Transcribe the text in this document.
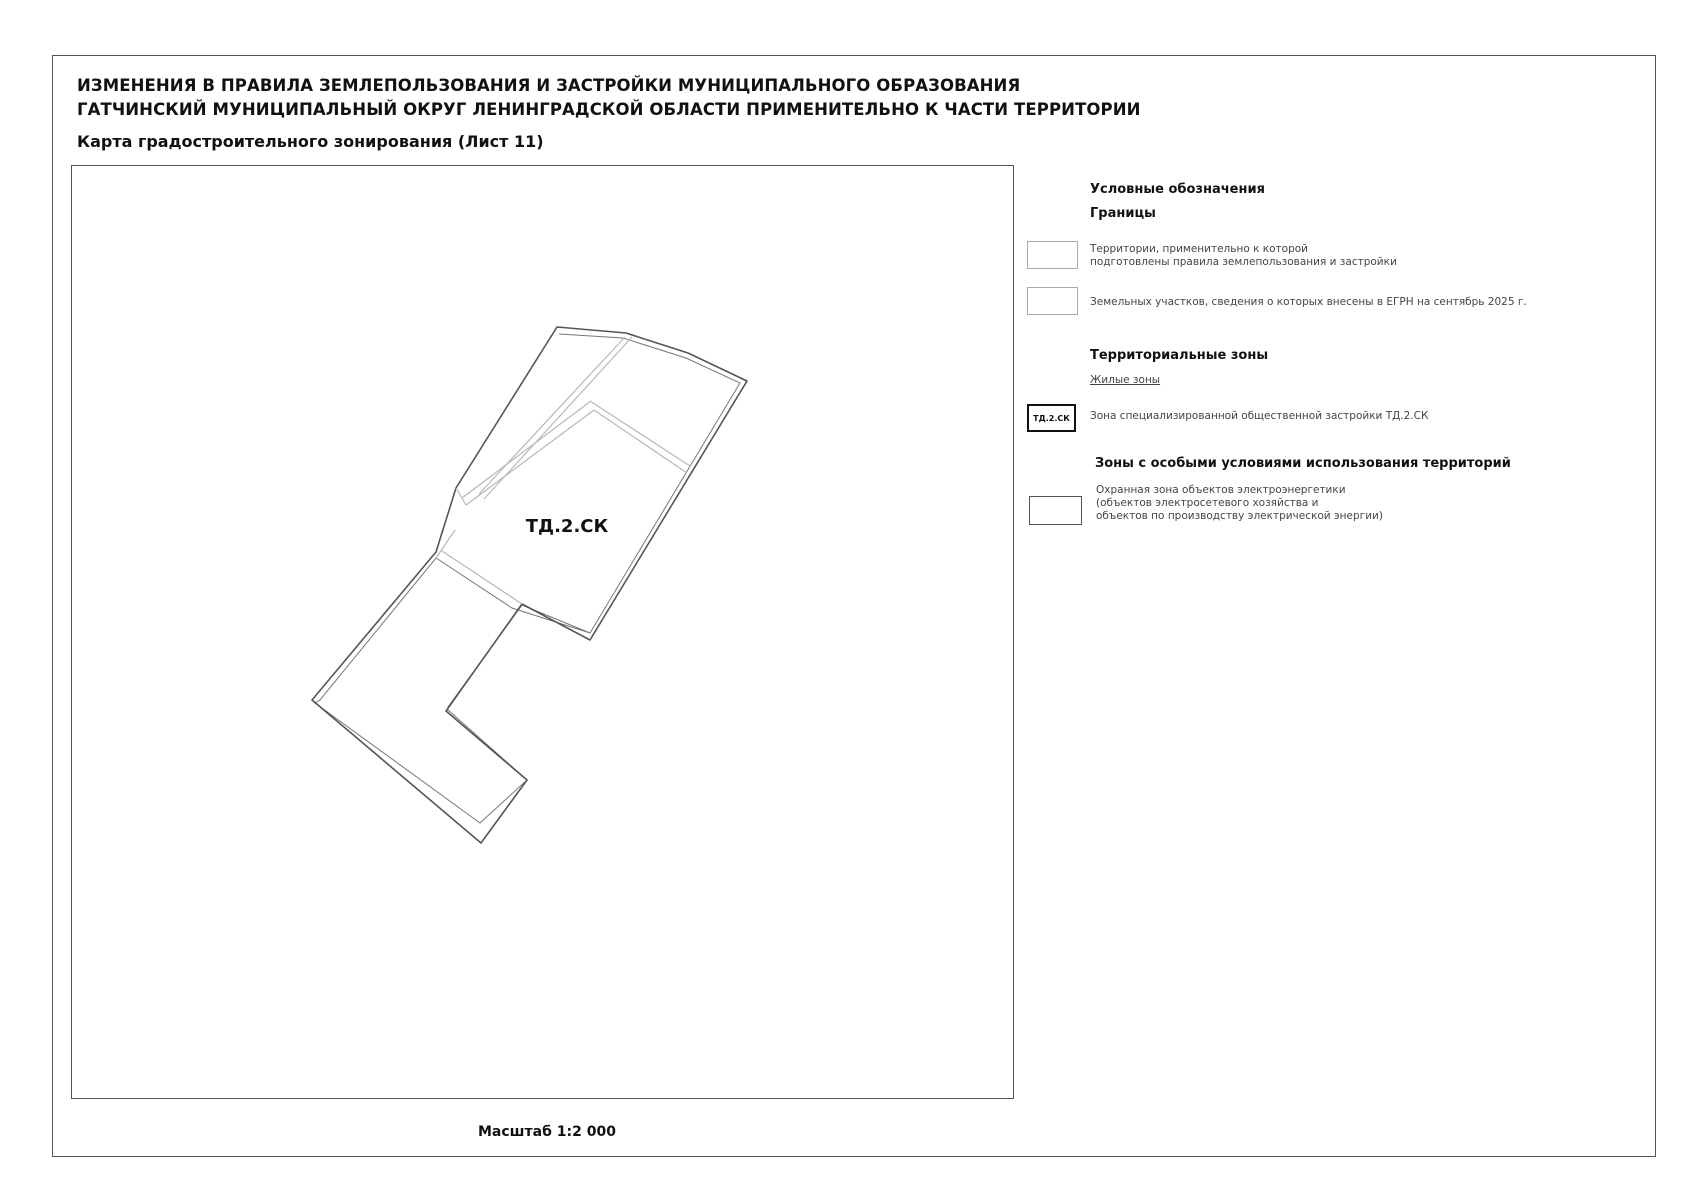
ИЗМЕНЕНИЯ В ПРАВИЛА ЗЕМЛЕПОЛЬЗОВАНИЯ И ЗАСТРОЙКИ МУНИЦИПАЛЬНОГО ОБРАЗОВАНИЯ
ГАТЧИНСКИЙ МУНИЦИПАЛЬНЫЙ ОКРУГ ЛЕНИНГРАДСКОЙ ОБЛАСТИ ПРИМЕНИТЕЛЬНО К ЧАСТИ ТЕРРИТОРИИ
Карта градостроительного зонирования (Лист 11)
ТД.2.СК
Масштаб 1:2 000
Условные обозначения
Границы
Территории, применительно к которой
подготовлены правила землепользования и застройки
Земельных участков, сведения о которых внесены в ЕГРН на сентябрь 2025 г.
Территориальные зоны
Жилые зоны
ТД.2.СК	Зона специализированной общественной застройки ТД.2.СК
Зоны с особыми условиями использования территорий
Охранная зона объектов электроэнергетики
(объектов электросетевого хозяйства и
объектов по производству электрической энергии)
